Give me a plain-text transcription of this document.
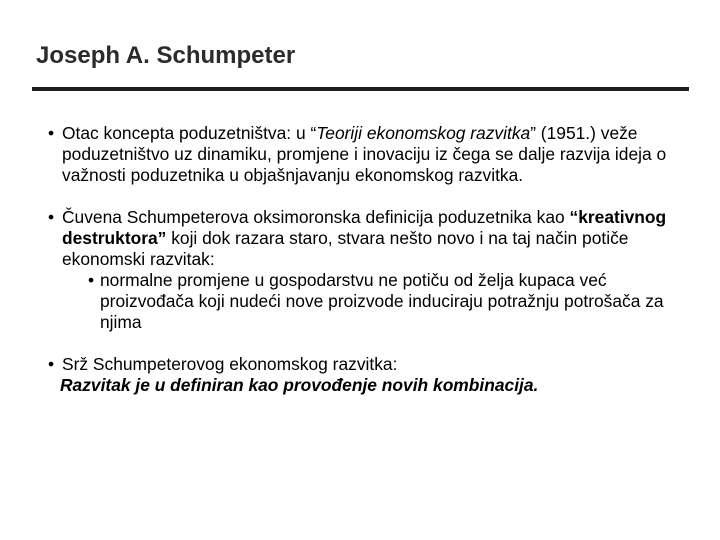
Joseph A. Schumpeter

• Otac koncepta poduzetništva: u “Teoriji ekonomskog razvitka” (1951.) veže poduzetništvo uz dinamiku, promjene i inovaciju iz čega se dalje razvija ideja o važnosti poduzetnika u objašnjavanju ekonomskog razvitka.

• Čuvena Schumpeterova oksimoronska definicija poduzetnika kao “kreativnog destruktora” koji dok razara staro, stvara nešto novo i na taj način potiče ekonomski razvitak:
• normalne promjene u gospodarstvu ne potiču od želja kupaca već proizvođača koji nudeći nove proizvode induciraju potražnju potrošača za njima
• Srž Schumpeterovog ekonomskog razvitka:
Razvitak je u definiran kao provođenje novih kombinacija.
